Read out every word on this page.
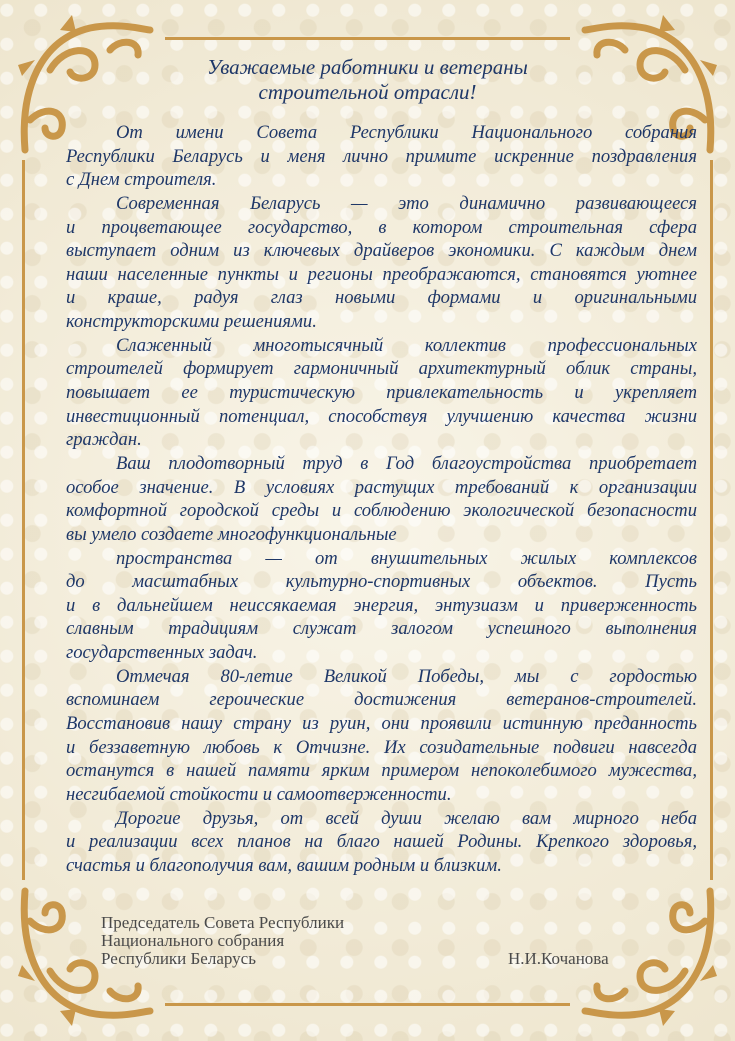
Уважаемые работники и ветераны
строительной отрасли!
От имени Совета Республики Национального собрания
Республики Беларусь и меня лично примите искренние поздравления
с Днем строителя.
Современная Беларусь — это динамично развивающееся
и процветающее государство, в котором строительная сфера
выступает одним из ключевых драйверов экономики. С каждым днем
наши населенные пункты и регионы преображаются, становятся уютнее
и краше, радуя глаз новыми формами и оригинальными
конструкторскими решениями.
Слаженный многотысячный коллектив профессиональных
строителей формирует гармоничный архитектурный облик страны,
повышает ее туристическую привлекательность и укрепляет
инвестиционный потенциал, способствуя улучшению качества жизни
граждан.
Ваш плодотворный труд в Год благоустройства приобретает
особое значение. В условиях растущих требований к организации
комфортной городской среды и соблюдению экологической безопасности
вы умело создаете многофункциональные
пространства — от внушительных жилых комплексов
до масштабных культурно-спортивных объектов. Пусть
и в дальнейшем неиссякаемая энергия, энтузиазм и приверженность
славным традициям служат залогом успешного выполнения
государственных задач.
Отмечая 80-летие Великой Победы, мы с гордостью
вспоминаем героические достижения ветеранов-строителей.
Восстановив нашу страну из руин, они проявили истинную преданность
и беззаветную любовь к Отчизне. Их созидательные подвиги навсегда
останутся в нашей памяти ярким примером непоколебимого мужества,
несгибаемой стойкости и самоотверженности.
Дорогие друзья, от всей души желаю вам мирного неба
и реализации всех планов на благо нашей Родины. Крепкого здоровья,
счастья и благополучия вам, вашим родным и близким.
Председатель Совета Республики
Национального собрания
Республики Беларусь	Н.И.Кочанова
